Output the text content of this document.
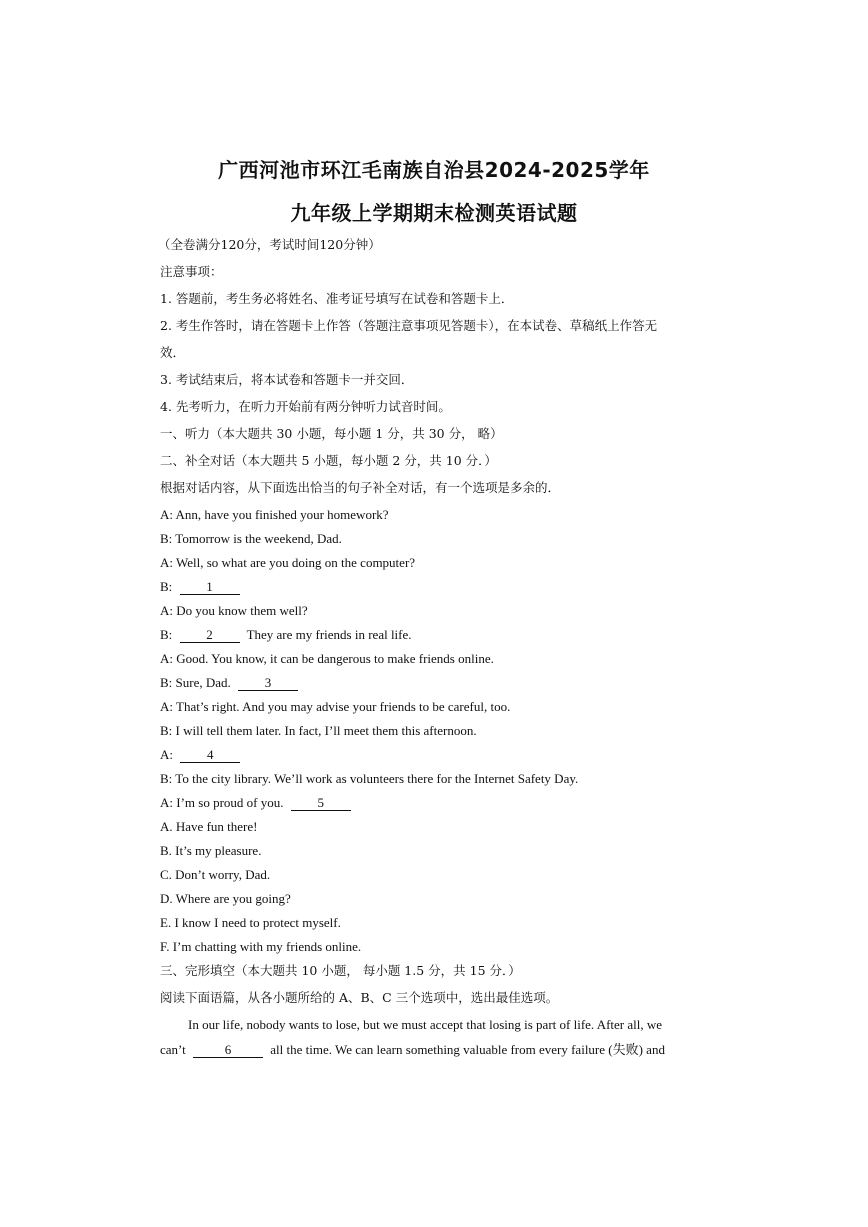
广西河池市环江毛南族自治县2024-2025学年
九年级上学期期末检测英语试题
（全卷满分120分，考试时间120分钟）
注意事项：
1. 答题前，考生务必将姓名、准考证号填写在试卷和答题卡上．
2. 考生作答时，请在答题卡上作答（答题注意事项见答题卡），在本试卷、草稿纸上作答无
效．
3. 考试结束后，将本试卷和答题卡一并交回．
4. 先考听力，在听力开始前有两分钟听力试音时间。
一、听力（本大题共 30 小题，每小题 1 分，共 30 分， 略）
二、补全对话（本大题共 5 小题，每小题 2 分，共 10 分．）
根据对话内容，从下面选出恰当的句子补全对话，有一个选项是多余的．
A: Ann, have you finished your homework?
B: Tomorrow is the weekend, Dad.
A: Well, so what are you doing on the computer?
B:	1
A: Do you know them well?
B:	2	They are my friends in real life.
A: Good. You know, it can be dangerous to make friends online.
B: Sure, Dad.	3
A: That’s right. And you may advise your friends to be careful, too.
B: I will tell them later. In fact, I’ll meet them this afternoon.
A:	4
B: To the city library. We’ll work as volunteers there for the Internet Safety Day.
A: I’m so proud of you.	5
A. Have fun there!
B. It’s my pleasure.
C. Don’t worry, Dad.
D. Where are you going?
E. I know I need to protect myself.
F. I’m chatting with my friends online.
三、完形填空（本大题共 10 小题， 每小题 1.5 分，共 15 分．）
阅读下面语篇，从各小题所给的 A、B、C 三个选项中，选出最佳选项。
In our life, nobody wants to lose, but we must accept that losing is part of life. After all, we
can’t	6	all the time. We can learn something valuable from every failure (失败) and
